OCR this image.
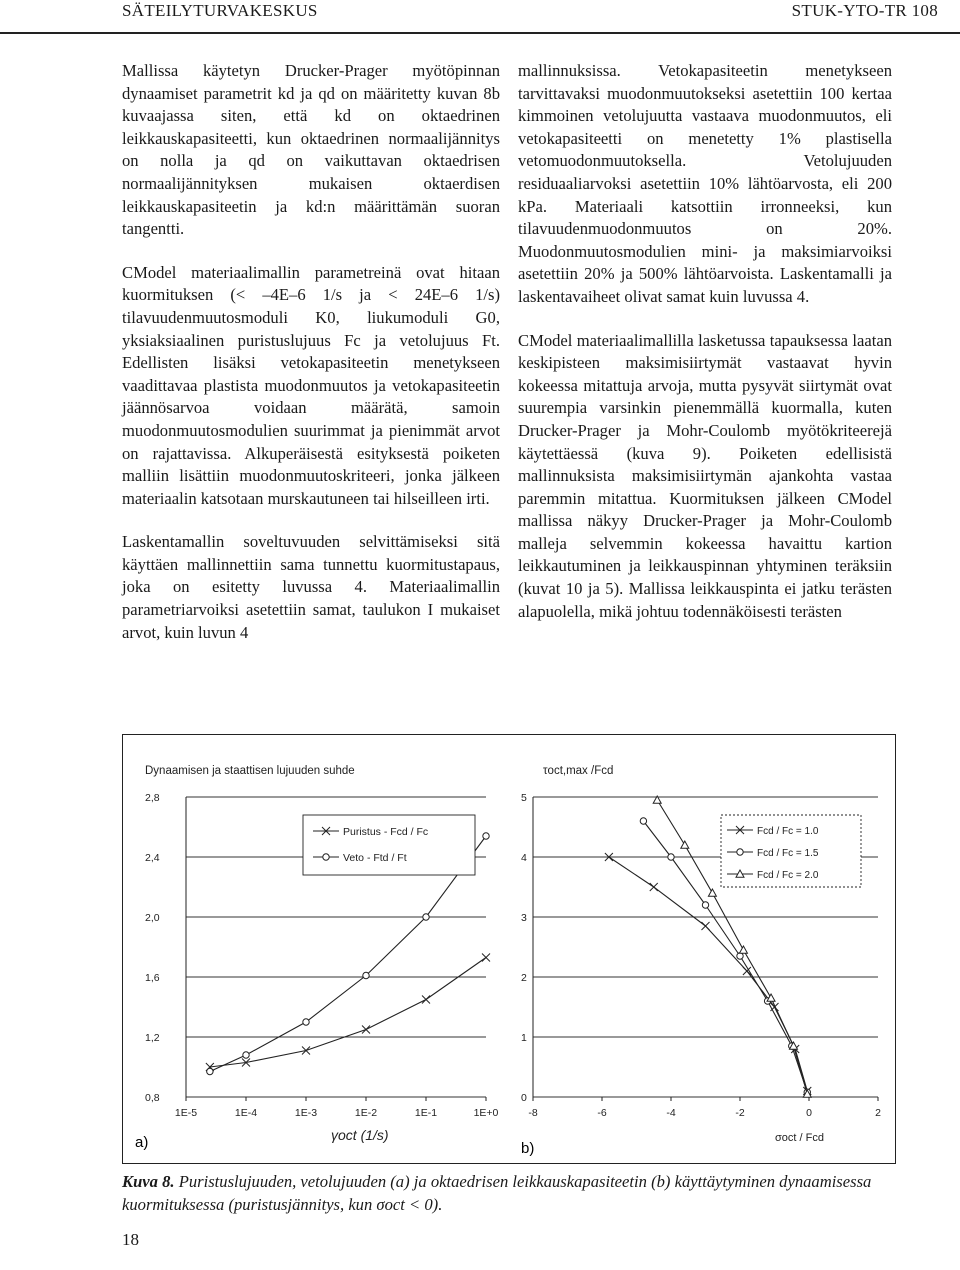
SÄTEILYTURVAKESKUS	STUK-YTO-TR 108

Mallissa käytetyn Drucker-Prager myötöpinnan dynaamiset parametrit kd ja qd on määritetty kuvan 8b kuvaajassa siten, että kd on oktaedrinen leikkauskapasiteetti, kun oktaedrinen normaalijännitys on nolla ja qd on vaikuttavan oktaedrisen normaalijännityksen mukaisen oktaerdisen leikkauskapasiteetin ja kd:n määrittämän suoran tangentti.

CModel materiaalimallin parametreinä ovat hitaan kuormituksen (< –4E–6 1/s ja < 24E–6 1/s) tilavuudenmuutosmoduli K0, liukumoduli G0, yksiaksiaalinen puristuslujuus Fc ja vetolujuus Ft. Edellisten lisäksi vetokapasiteetin menetykseen vaadittavaa plastista muodonmuutos ja vetokapasiteetin jäännösarvoa voidaan määrätä, samoin muodonmuutosmodulien suurimmat ja pienimmät arvot on rajattavissa. Alkuperäisestä esityksestä poiketen malliin lisättiin muodonmuutoskriteeri, jonka jälkeen materiaalin katsotaan murskautuneen tai hilseilleen irti.

Laskentamallin soveltuvuuden selvittämiseksi sitä käyttäen mallinnettiin sama tunnettu kuormitustapaus, joka on esitetty luvussa 4. Materiaalimallin parametriarvoiksi asetettiin samat, taulukon I mukaiset arvot, kuin luvun 4

mallinnuksissa. Vetokapasiteetin menetykseen tarvittavaksi muodonmuutokseksi asetettiin 100 kertaa kimmoinen vetolujuutta vastaava muodonmuutos, eli vetokapasiteetti on menetetty 1% plastisella vetomuodonmuutoksella. Vetolujuuden residuaaliarvoksi asetettiin 10% lähtöarvosta, eli 200 kPa. Materiaali katsottiin irronneeksi, kun tilavuudenmuodonmuutos on 20%. Muodonmuutosmodulien mini- ja maksimiarvoiksi asetettiin 20% ja 500% lähtöarvoista. Laskentamalli ja laskentavaiheet olivat samat kuin luvussa 4.

CModel materiaalimallilla lasketussa tapauksessa laatan keskipisteen maksimisiirtymät vastaavat hyvin kokeessa mitattuja arvoja, mutta pysyvät siirtymät ovat suurempia varsinkin pienemmällä kuormalla, kuten Drucker-Prager ja Mohr-Coulomb myötökriteerejä käytettäessä (kuva 9). Poiketen edellisistä mallinnuksista maksimisiirtymän ajankohta vastaa paremmin mitattua. Kuormituksen jälkeen CModel mallissa näkyy Drucker-Prager ja Mohr-Coulomb malleja selvemmin kokeessa havaittu kartion leikkautuminen ja leikkauspinnan yhtyminen teräksiin (kuvat 10 ja 5). Mallissa leikkauspinta ei jatku terästen alapuolella, mikä johtuu todennäköisesti terästen

Dynaamisen ja staattisen lujuuden suhde
0,8
1,2
1,6
2,0
2,4
2,8
1E-5	1E-4	1E-3	1E-2	1E-1	1E+0
γoct (1/s)
Puristus - Fcd / Fc
Veto - Ftd / Ft
τoct,max /Fcd
0
1
2
3
4
5
-8	-6	-4	-2	0	2
σoct / Fcd
Fcd / Fc = 1.0
Fcd / Fc = 1.5
Fcd / Fc = 2.0
a)	b)
Kuva 8. Puristuslujuuden, vetolujuuden (a) ja oktaedrisen leikkauskapasiteetin (b) käyttäytyminen dynaamisessa kuormituksessa (puristusjännitys, kun σoct < 0).
18
